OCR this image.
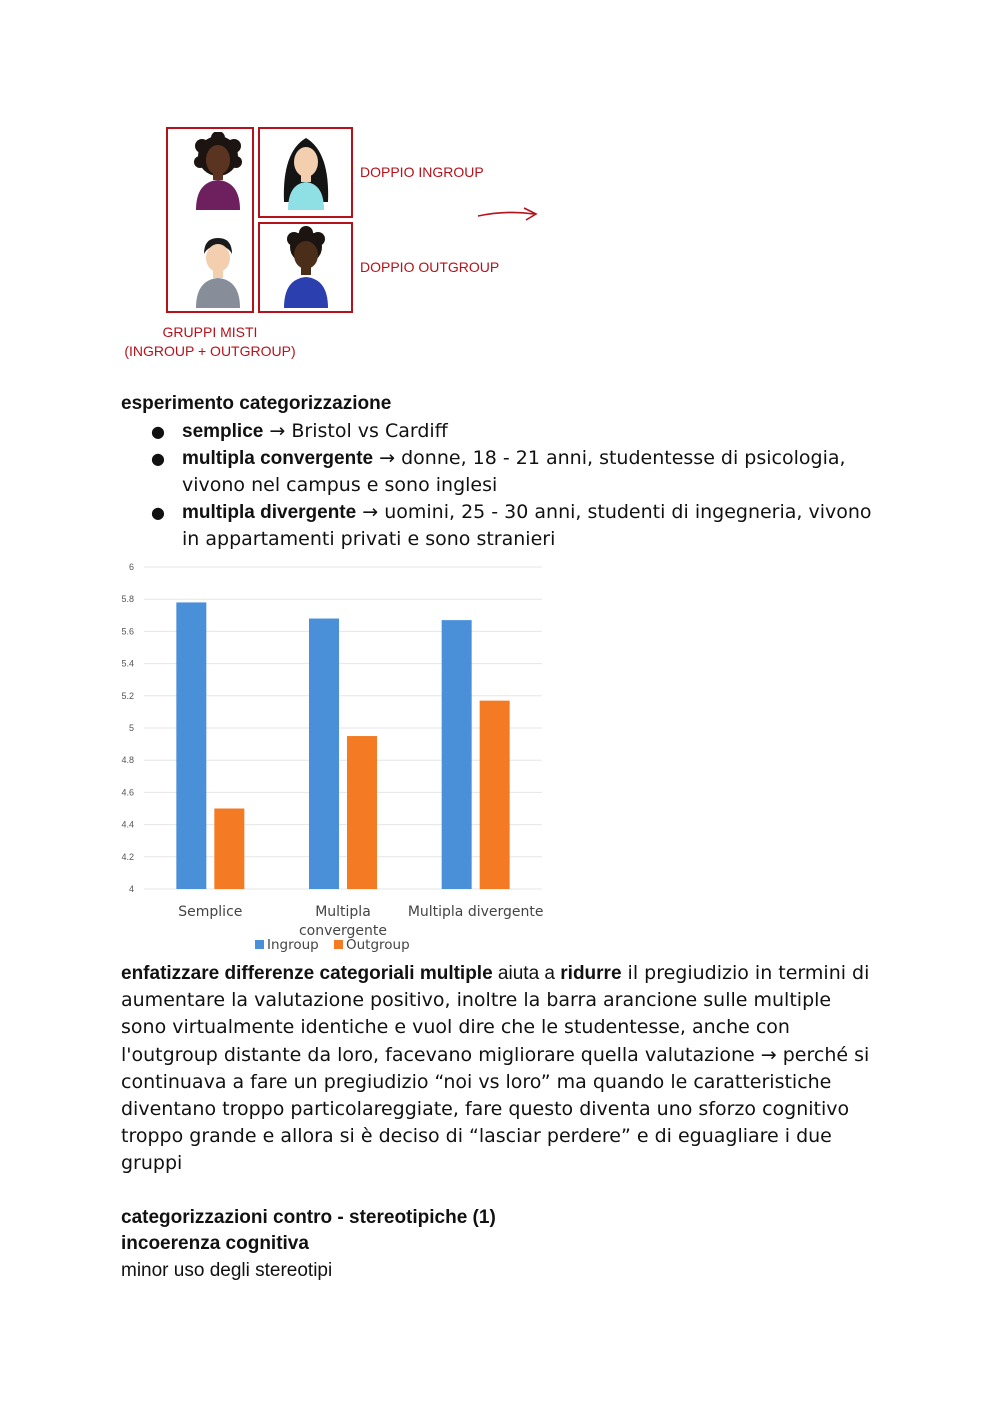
DOPPIO INGROUP
DOPPIO OUTGROUP
GRUPPI MISTI
(INGROUP + OUTGROUP)
esperimento categorizzazione
● semplice → Bristol vs Cardiff
● multipla convergente → donne, 18 - 21 anni, studentesse di psicologia, vivono nel campus e sono inglesi
● multipla divergente → uomini, 25 - 30 anni, studenti di ingegneria, vivono in appartamenti privati e sono stranieri
4
4.2
4.4
4.6
4.8
5
5.2
5.4
5.6
5.8
6
Semplice	Multipla
convergente
Multipla divergente
Ingroup Outgroup

enfatizzare differenze categoriali multiple aiuta a ridurre il pregiudizio in termini di aumentare la valutazione positivo, inoltre la barra arancione sulle multiple sono virtualmente identiche e vuol dire che le studentesse, anche con l'outgroup distante da loro, facevano migliorare quella valutazione → perché si continuava a fare un pregiudizio “noi vs loro” ma quando le caratteristiche diventano troppo particolareggiate, fare questo diventa uno sforzo cognitivo troppo grande e allora si è deciso di “lasciar perdere” e di eguagliare i due gruppi

categorizzazioni contro - stereotipiche (1)
incoerenza cognitiva
minor uso degli stereotipi
